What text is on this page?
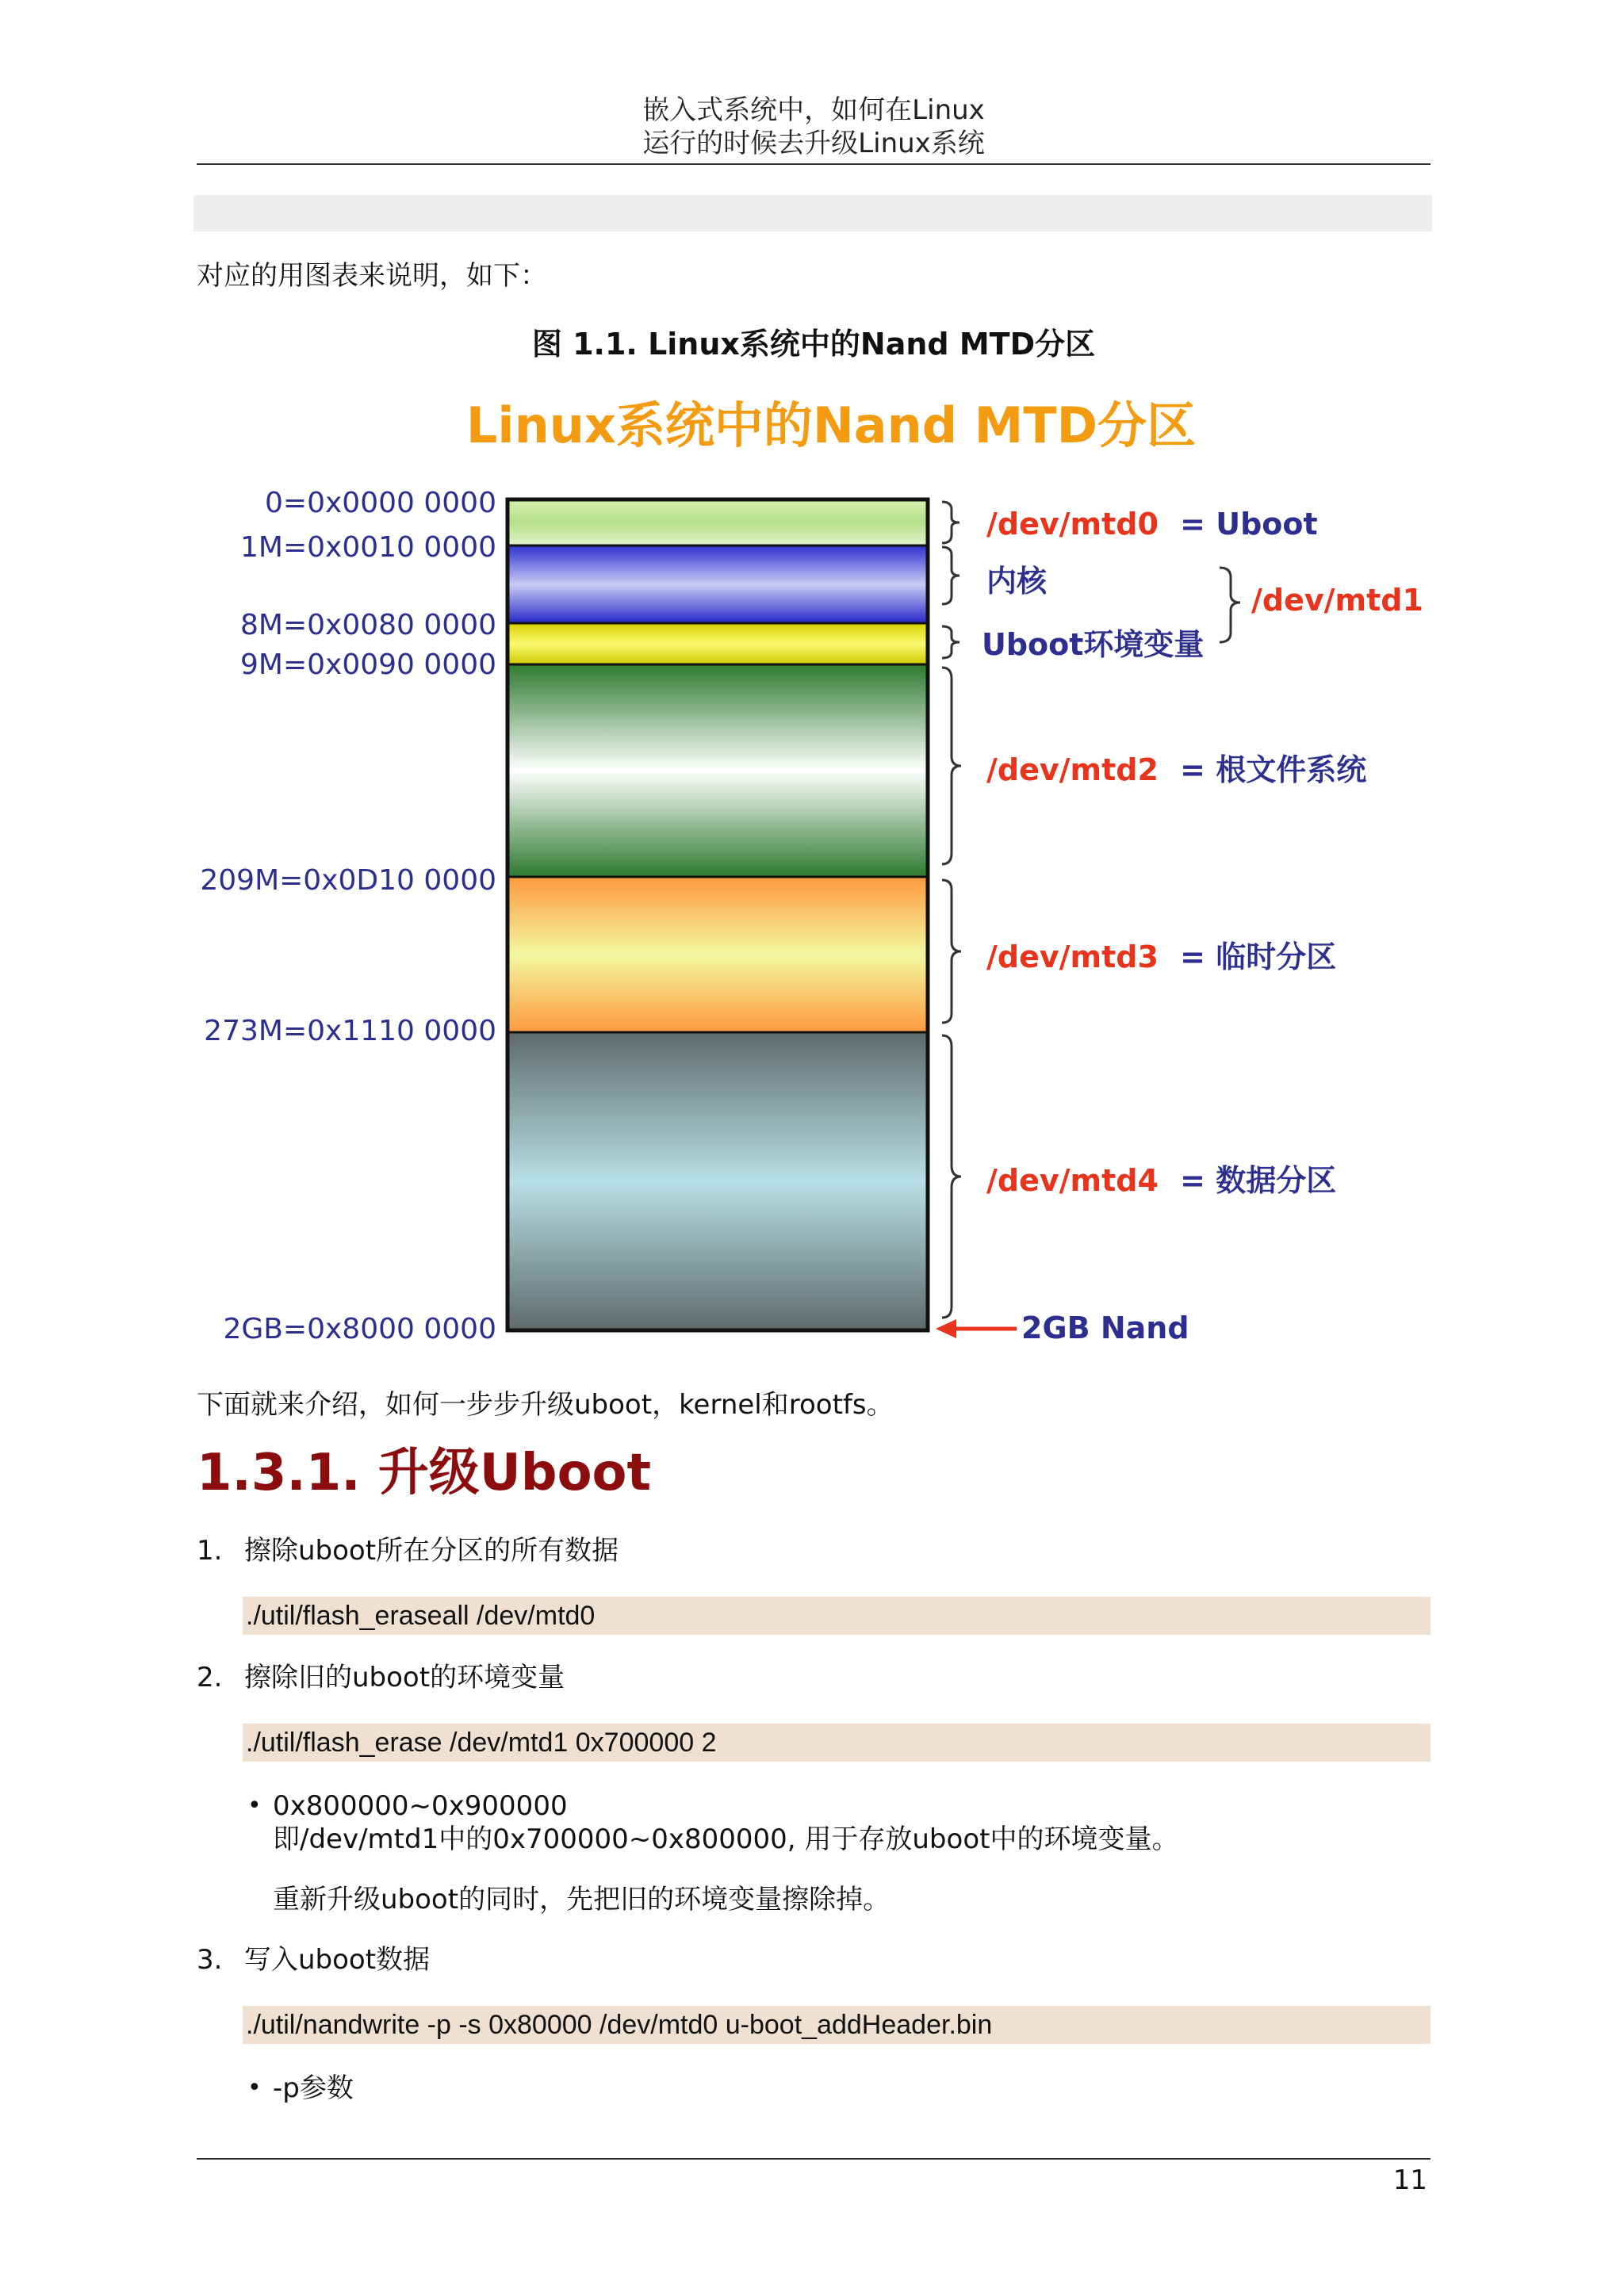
嵌入式系统中，如何在Linux
运行的时候去升级Linux系统
对应的用图表来说明，如下：
图 1.1. Linux系统中的Nand MTD分区
Linux系统中的Nand MTD分区
0=0x0000 0000
1M=0x0010 0000
8M=0x0080 0000
9M=0x0090 0000
209M=0x0D10 0000
273M=0x1110 0000
2GB=0x8000 0000
/dev/mtd0 = Uboot
内核
Uboot环境变量
/dev/mtd1
/dev/mtd2 = 根文件系统
/dev/mtd3 = 临时分区
/dev/mtd4 = 数据分区
2GB Nand
下面就来介绍，如何一步步升级uboot，kernel和rootfs。
1.3.1. 升级Uboot
1. 擦除uboot所在分区的所有数据
./util/flash_eraseall /dev/mtd0
2. 擦除旧的uboot的环境变量
./util/flash_erase /dev/mtd1 0x700000 2
• 0x800000~0x900000
即/dev/mtd1中的0x700000~0x800000, 用于存放uboot中的环境变量。
重新升级uboot的同时，先把旧的环境变量擦除掉。
3. 写入uboot数据
./util/nandwrite -p -s 0x80000 /dev/mtd0 u-boot_addHeader.bin
• -p参数
11
